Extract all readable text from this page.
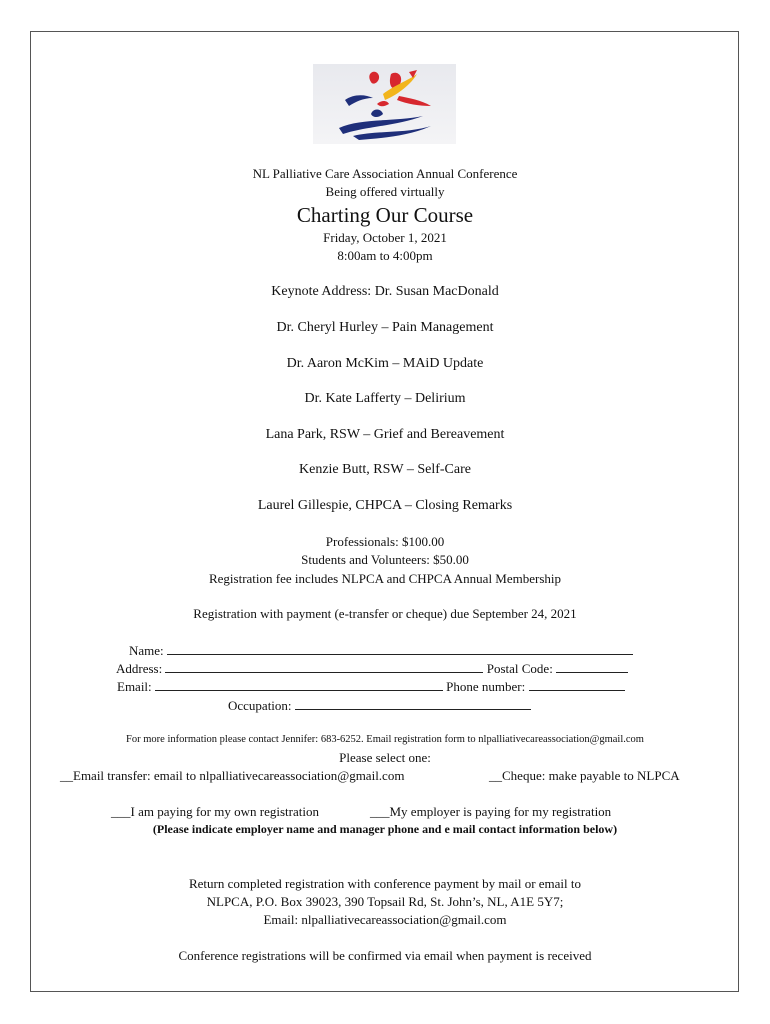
NL Palliative Care Association Annual Conference
Being offered virtually
Charting Our Course
Friday, October 1, 2021
8:00am to 4:00pm
Keynote Address: Dr. Susan MacDonald
Dr. Cheryl Hurley – Pain Management
Dr. Aaron McKim – MAiD Update
Dr. Kate Lafferty – Delirium
Lana Park, RSW – Grief and Bereavement
Kenzie Butt, RSW – Self-Care
Laurel Gillespie, CHPCA – Closing Remarks
Professionals: $100.00
Students and Volunteers: $50.00
Registration fee includes NLPCA and CHPCA Annual Membership
Registration with payment (e-transfer or cheque) due September 24, 2021
Name:
Address:	Postal Code:
Email:	Phone number:
Occupation:
For more information please contact Jennifer: 683-6252. Email registration form to nlpalliativecareassociation@gmail.com
Please select one:
__Email transfer: email to nlpalliativecareassociation@gmail.com	__Cheque: make payable to NLPCA
___I am paying for my own registration	___My employer is paying for my registration
(Please indicate employer name and manager phone and e mail contact information below)
Return completed registration with conference payment by mail or email to
NLPCA, P.O. Box 39023, 390 Topsail Rd, St. John’s, NL, A1E 5Y7;
Email: nlpalliativecareassociation@gmail.com
Conference registrations will be confirmed via email when payment is received
